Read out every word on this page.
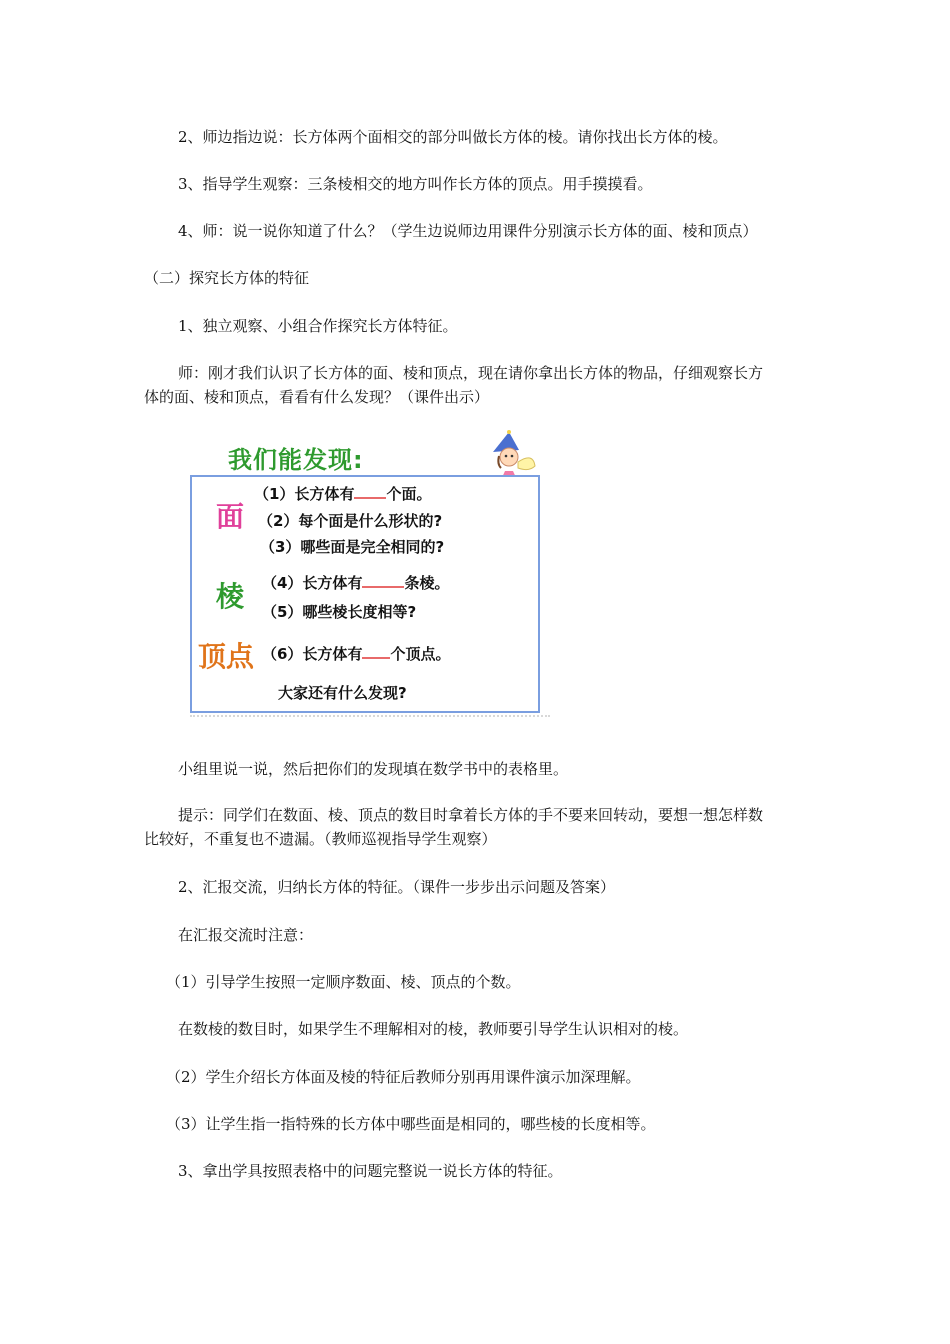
2、师边指边说：长方体两个面相交的部分叫做长方体的棱。请你找出长方体的棱。
3、指导学生观察：三条棱相交的地方叫作长方体的顶点。用手摸摸看。
4、师：说一说你知道了什么？（学生边说师边用课件分别演示长方体的面、棱和顶点）
（二）探究长方体的特征
1、独立观察、小组合作探究长方体特征。
师：刚才我们认识了长方体的面、棱和顶点，现在请你拿出长方体的物品，仔细观察长方
体的面、棱和顶点，看看有什么发现？（课件出示）
我们能发现:
面
棱
顶点
（1）长方体有 个面。
（2）每个面是什么形状的?
（3）哪些面是完全相同的?
（4）长方体有	条棱。
（5）哪些棱长度相等?
（6）长方体有 个顶点。
大家还有什么发现?
小组里说一说，然后把你们的发现填在数学书中的表格里。
提示：同学们在数面、棱、顶点的数目时拿着长方体的手不要来回转动，要想一想怎样数
比较好，不重复也不遗漏。（教师巡视指导学生观察）
2、汇报交流，归纳长方体的特征。（课件一步步出示问题及答案）
在汇报交流时注意：
（1）引导学生按照一定顺序数面、棱、顶点的个数。
在数棱的数目时，如果学生不理解相对的棱，教师要引导学生认识相对的棱。
（2）学生介绍长方体面及棱的特征后教师分别再用课件演示加深理解。
（3）让学生指一指特殊的长方体中哪些面是相同的，哪些棱的长度相等。
3、拿出学具按照表格中的问题完整说一说长方体的特征。
